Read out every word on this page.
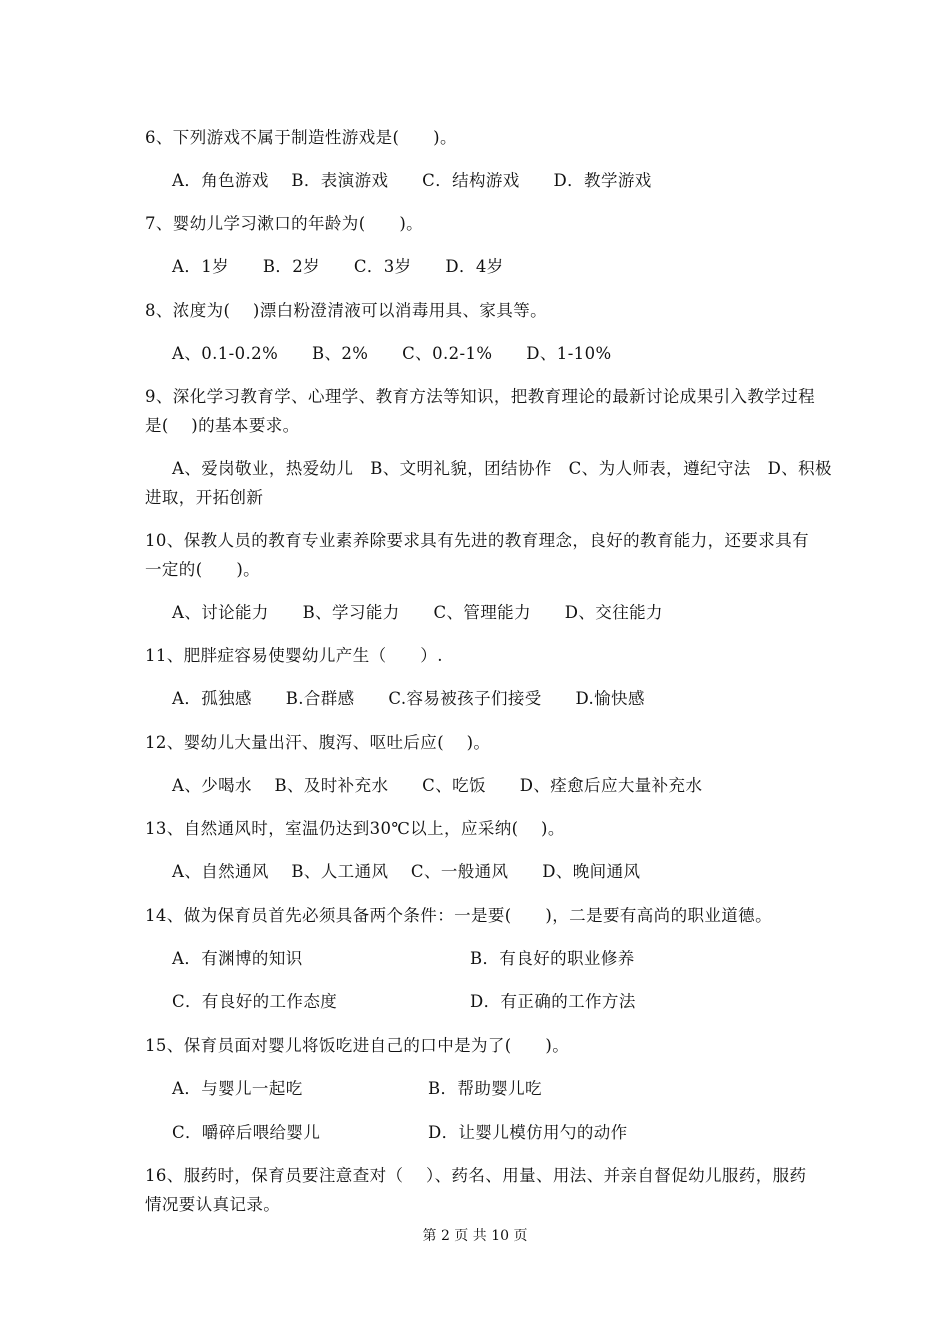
6、下列游戏不属于制造性游戏是(　　)。
A．角色游戏　 B．表演游戏　　C．结构游戏　　D．教学游戏
7、婴幼儿学习漱口的年龄为(　　)。
A．1岁　　B．2岁　　C．3岁　　D．4岁
8、浓度为(　 )漂白粉澄清液可以消毒用具、家具等。
A、0.1-0.2%　　B、2%　　C、0.2-1%　　D、1-10%
9、深化学习教育学、心理学、教育方法等知识，把教育理论的最新讨论成果引入教学过程
是(　 )的基本要求。
A、爱岗敬业，热爱幼儿　B、文明礼貌，团结协作　C、为人师表，遵纪守法　D、积极
进取，开拓创新
10、保教人员的教育专业素养除要求具有先进的教育理念，良好的教育能力，还要求具有
一定的(　　)。
A、讨论能力　　B、学习能力　　C、管理能力　　D、交往能力
11、肥胖症容易使婴幼儿产生（　　）.
A．孤独感　　B.合群感　　C.容易被孩子们接受　　D.愉快感
12、婴幼儿大量出汗、腹泻、呕吐后应(　 )。
A、少喝水　 B、及时补充水　　C、吃饭　　D、痊愈后应大量补充水
13、自然通风时，室温仍达到30℃以上，应采纳(　 )。
A、自然通风　 B、人工通风　 C、一般通风　　D、晚间通风
14、做为保育员首先必须具备两个条件：一是要(　　)，二是要有高尚的职业道德。
A．有渊博的知识	B．有良好的职业修养
C．有良好的工作态度	D．有正确的工作方法
15、保育员面对婴儿将饭吃进自己的口中是为了(　　)。
A．与婴儿一起吃	B．帮助婴儿吃
C．嚼碎后喂给婴儿	D．让婴儿模仿用勺的动作
16、服药时，保育员要注意查对（　 ）、药名、用量、用法、并亲自督促幼儿服药，服药
情况要认真记录。
第 2 页 共 10 页
